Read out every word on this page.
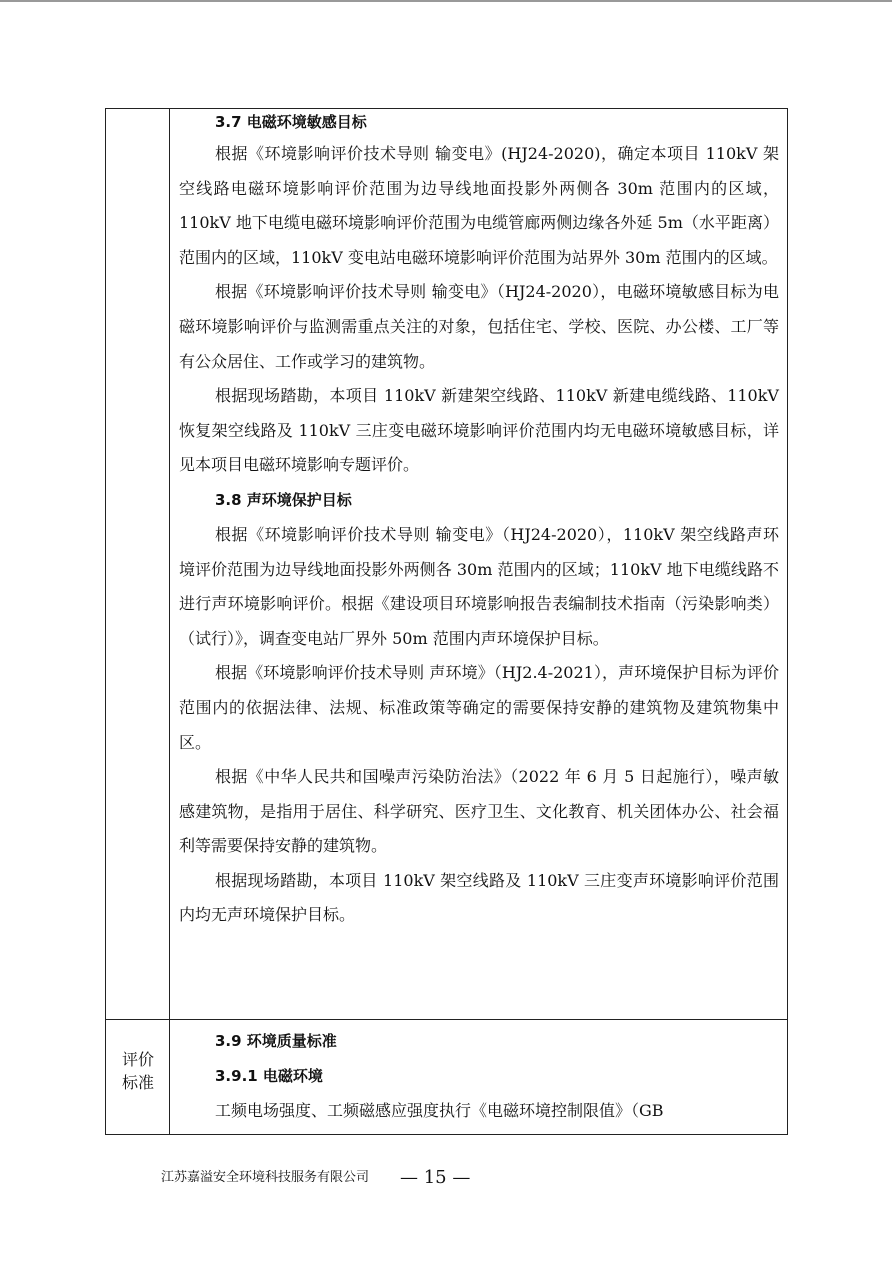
3.7 电磁环境敏感目标

根据《环境影响评价技术导则 输变电》(HJ24-2020)，确定本项目 110kV 架空线路电磁环境影响评价范围为边导线地面投影外两侧各 30m 范围内的区域，110kV 地下电缆电磁环境影响评价范围为电缆管廊两侧边缘各外延 5m（水平距离）范围内的区域，110kV 变电站电磁环境影响评价范围为站界外 30m 范围内的区域。

根据《环境影响评价技术导则 输变电》（HJ24-2020），电磁环境敏感目标为电磁环境影响评价与监测需重点关注的对象，包括住宅、学校、医院、办公楼、工厂等有公众居住、工作或学习的建筑物。

根据现场踏勘，本项目 110kV 新建架空线路、110kV 新建电缆线路、110kV 恢复架空线路及 110kV 三庄变电磁环境影响评价范围内均无电磁环境敏感目标，详见本项目电磁环境影响专题评价。

3.8 声环境保护目标

根据《环境影响评价技术导则 输变电》（HJ24-2020），110kV 架空线路声环境评价范围为边导线地面投影外两侧各 30m 范围内的区域；110kV 地下电缆线路不进行声环境影响评价。根据《建设项目环境影响报告表编制技术指南（污染影响类）（试行）》，调查变电站厂界外 50m 范围内声环境保护目标。

根据《环境影响评价技术导则 声环境》（HJ2.4-2021），声环境保护目标为评价范围内的依据法律、法规、标准政策等确定的需要保持安静的建筑物及建筑物集中区。

根据《中华人民共和国噪声污染防治法》（2022 年 6 月 5 日起施行），噪声敏感建筑物，是指用于居住、科学研究、医疗卫生、文化教育、机关团体办公、社会福利等需要保持安静的建筑物。

根据现场踏勘，本项目 110kV 架空线路及 110kV 三庄变声环境影响评价范围内均无声环境保护目标。

评价
标准
3.9 环境质量标准
3.9.1 电磁环境

工频电场强度、工频磁感应强度执行《电磁环境控制限值》（GB

江苏嘉溢安全环境科技服务有限公司 — 15 —
